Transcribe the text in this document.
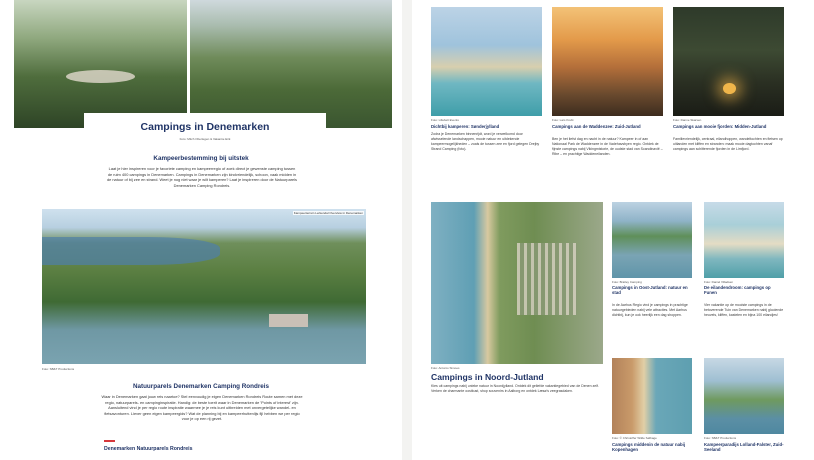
Campings in Denemarken
Foto: Mitch Oberlegen & Vakantie Erik
Kampeerbestemming bij uitstek

Laat je hier inspireren voor je favoriete camping en kampeerregio of zoek direct je gewenste camping tussen de ruim 400 campings in Denemarken. Campings in Denemarken zijn kindvriendelijk, schoon, vaak midden in de natuur of bij zee en strand. Weet je nog niet waar je wilt kamperen? Laat je inspireren door de Natuurparels Denemarken Camping Rondreis.

Kampeerterrein Lerkendal Overview in Denemarken
Foto: SB&T Productions
Natuurparels Denemarken Camping Rondreis

Waar in Denemarken gaat jouw reis naartoe? Stel eenvoudig je eigen Denemarken Rondreis Route samen met deze regio, natuurparels- en campinginspiratie. Handig: de beste toerit waar in Denemarken de 'Points of interest' zijn. Aansluitend vind je per regio route inspiratie waarmee je je reis kunt uitbreiden met onvergetelijke wandel- en fietsavonturen. Liever geen eigen kampeergids? Wat de planning bij en kampeerhuttenlijs fijl hebben we per regio voor je op een rij gezet.

Denemarken Natuurparels Rondreis
Foto: Lillebelt Events
Dichtbij kamperen: Sønderjylland

Zodra je Denemarken binnenrijdt, word je verwelkomd door afwisselende landschappen, mooie natuur en uitdekende kampeermogelijkheden – zoals de tussen zee en fjord gelegen Drejby Strand Camping (foto).

Foto: Lars Krebt
Campings aan de Waddenzee: Zuid-Jutland

Ben je het liefst dag en nacht in de natuur? Kampeer in of aan Nationaal Park de Waddenzee in de Vadehavsbyen regio. Ontdek de fijnste campings nabij Vikingmistorie, de oudste stad van Scandinavië – Ribe – en prachtige Waddeneilanden.

Foto: Danne Skarsen
Campings aan mooie fjorden: Midden-Jutland

Familievriendelijk, centraal, eilandhoppen, wandeltochten en fietsen op uitlanden met kliffen en stranden: maak mooie dagtochten vanaf campings aan schitterende fjorden in de Limfjord.

Foto: Antonio Simoes
Campings in Noord-Jutland

Kies uit campings nabij unieke natuur in Noordjylland. Ontdek dit geliefde vakantiegebied van de Denen zelf. Verken de charmante oostkust, shop souvenirs in Aalborg en ontdek Læsø's zeegrasdaken.

Foto: Bratley Camping
Campings in Oost-Jutland: natuur en stad

In de Aarhus Regio vind je campings in prachtige natuurgebieden nabij vele attracties. Met Aarhus dichtbij, kun je ook heerlijk een dag shoppen.

Foto: Daniel Villadsen
De eilandendroom: campings op Funen

Vier vakantie op de mooiste campings in de betoverende Tuin van Denemarken nabij glooiende heuvels, kliffen, kastelen en bijna 100 eilandjes!

Foto: © Christoffer Wilde Sølbage
Campings middenin de natuur nabij Kopenhagen
Foto: SB&T Productions
Kampeerparadijs Lolland-Falster, Zuid-Seeland
